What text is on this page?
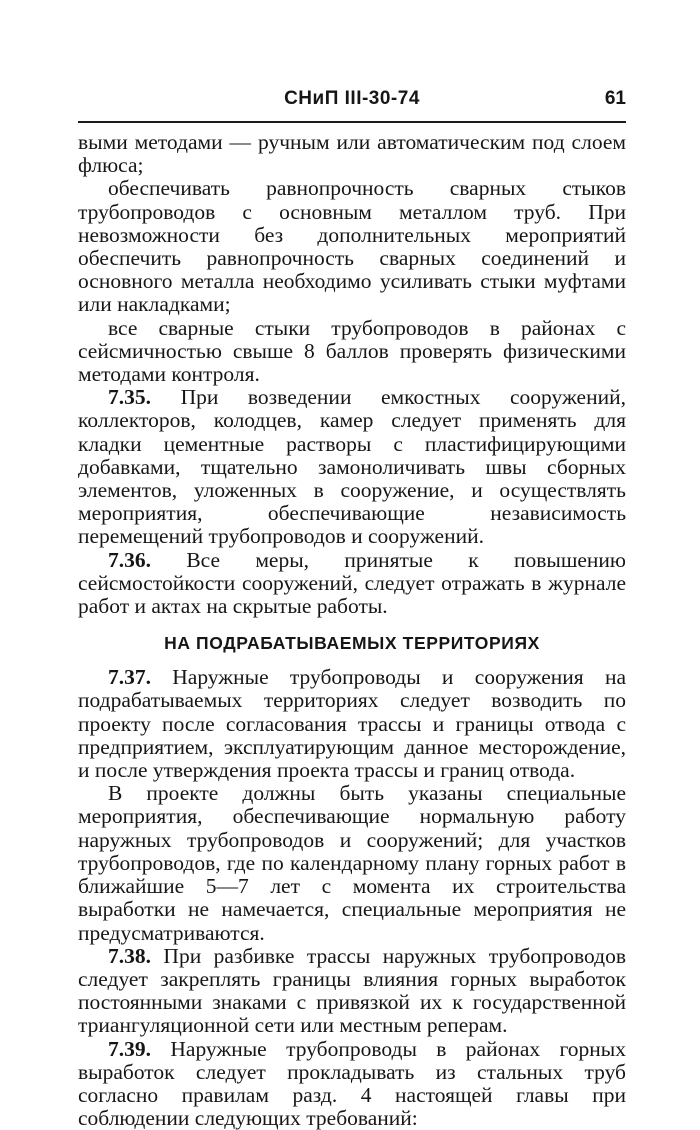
СНиП III-30-74	61

выми методами — ручным или автоматическим под слоем флюса;

обеспечивать равнопрочность сварных стыков трубопроводов с основным металлом труб. При невозможности без дополнительных мероприятий обеспечить равнопрочность сварных соединений и основного металла необходимо усиливать стыки муфтами или накладками;

все сварные стыки трубопроводов в районах с сейсмичностью свыше 8 баллов проверять физическими методами контроля.

7.35. При возведении емкостных сооружений, коллекторов, колодцев, камер следует применять для кладки цементные растворы с пластифицирующими добавками, тщательно замоноличивать швы сборных элементов, уложенных в сооружение, и осуществлять мероприятия, обеспечивающие независимость перемещений трубопроводов и сооружений.

7.36. Все меры, принятые к повышению сейсмостойкости сооружений, следует отражать в журнале работ и актах на скрытые работы.

НА ПОДРАБАТЫВАЕМЫХ ТЕРРИТОРИЯХ

7.37. Наружные трубопроводы и сооружения на подрабатываемых территориях следует возводить по проекту после согласования трассы и границы отвода с предприятием, эксплуатирующим данное месторождение, и после утверждения проекта трассы и границ отвода.

В проекте должны быть указаны специальные мероприятия, обеспечивающие нормальную работу наружных трубопроводов и сооружений; для участков трубопроводов, где по календарному плану горных работ в ближайшие 5—7 лет с момента их строительства выработки не намечается, специальные мероприятия не предусматриваются.

7.38. При разбивке трассы наружных трубопроводов следует закреплять границы влияния горных выработок постоянными знаками с привязкой их к государственной триангуляционной сети или местным реперам.

7.39. Наружные трубопроводы в районах горных выработок следует прокладывать из стальных труб согласно правилам разд. 4 настоящей главы при соблюдении следующих требований:
